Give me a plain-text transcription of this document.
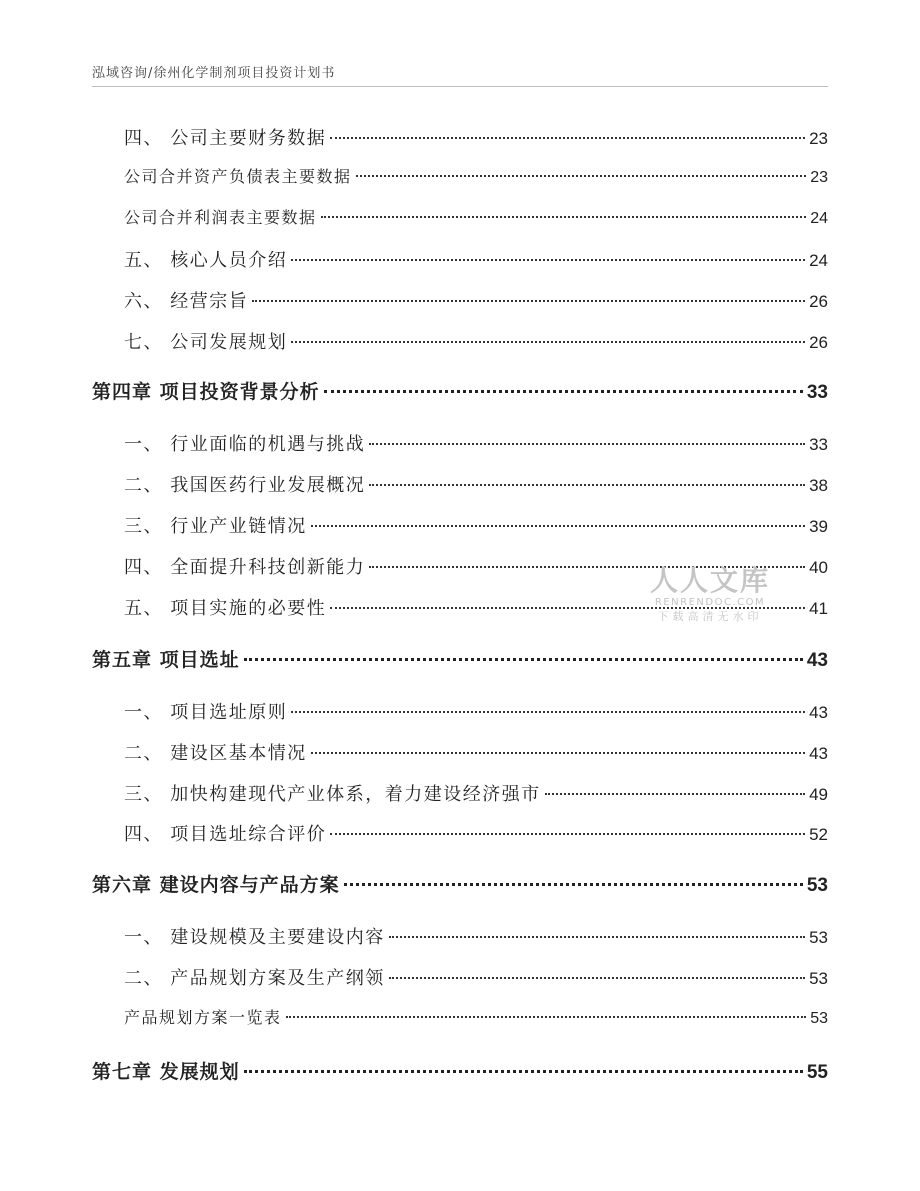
泓域咨询/徐州化学制剂项目投资计划书
四、 公司主要财务数据	23
公司合并资产负债表主要数据	23
公司合并利润表主要数据	24
五、 核心人员介绍	24
六、 经营宗旨	26
七、 公司发展规划	26
第四章 项目投资背景分析	33
一、 行业面临的机遇与挑战	33
二、 我国医药行业发展概况	38
三、 行业产业链情况	39
四、 全面提升科技创新能力	40
五、 项目实施的必要性	41
第五章 项目选址	43
一、 项目选址原则	43
二、 建设区基本情况	43
三、 加快构建现代产业体系，着力建设经济强市	49
四、 项目选址综合评价	52
第六章 建设内容与产品方案	53
一、 建设规模及主要建设内容	53
二、 产品规划方案及生产纲领	53
产品规划方案一览表	53
第七章 发展规划	55
人人文库
RENRENDOC.COM
下载高清无水印
